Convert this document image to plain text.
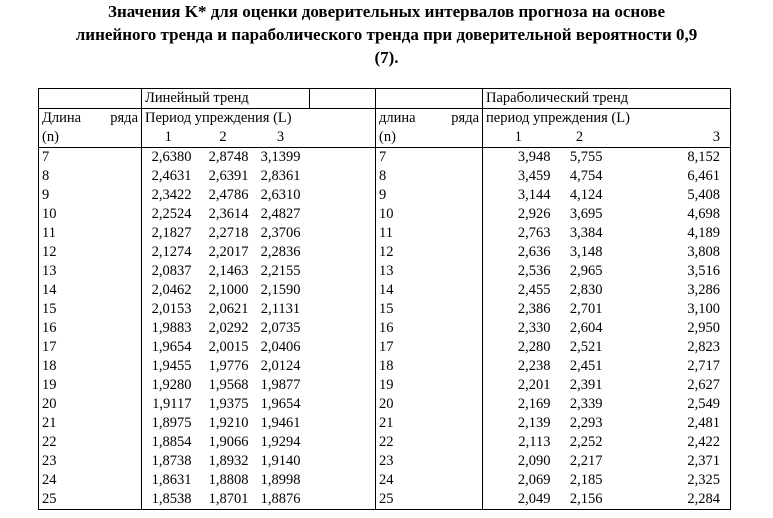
Значения K* для оценки доверительных интервалов прогноза на основе
линейного тренда и параболического тренда при доверительной вероятности 0,9
(7).
	Линейный тренд					Параболический тренд		

Длина ряда	Период упреждения (L)				длина ряда	период упреждения (L)		
(n)	1	2	3		(n)	1	2	3
7	2,6380	2,8748	3,1399		7	3,948	5,755	8,152
8	2,4631	2,6391	2,8361		8	3,459	4,754	6,461
9	2,3422	2,4786	2,6310		9	3,144	4,124	5,408
10	2,2524	2,3614	2,4827		10	2,926	3,695	4,698
11	2,1827	2,2718	2,3706		11	2,763	3,384	4,189
12	2,1274	2,2017	2,2836		12	2,636	3,148	3,808
13	2,0837	2,1463	2,2155		13	2,536	2,965	3,516
14	2,0462	2,1000	2,1590		14	2,455	2,830	3,286
15	2,0153	2,0621	2,1131		15	2,386	2,701	3,100
16	1,9883	2,0292	2,0735		16	2,330	2,604	2,950
17	1,9654	2,0015	2,0406		17	2,280	2,521	2,823
18	1,9455	1,9776	2,0124		18	2,238	2,451	2,717
19	1,9280	1,9568	1,9877		19	2,201	2,391	2,627
20	1,9117	1,9375	1,9654		20	2,169	2,339	2,549
21	1,8975	1,9210	1,9461		21	2,139	2,293	2,481
22	1,8854	1,9066	1,9294		22	2,113	2,252	2,422
23	1,8738	1,8932	1,9140		23	2,090	2,217	2,371
24	1,8631	1,8808	1,8998		24	2,069	2,185	2,325
25	1,8538	1,8701	1,8876		25	2,049	2,156	2,284
